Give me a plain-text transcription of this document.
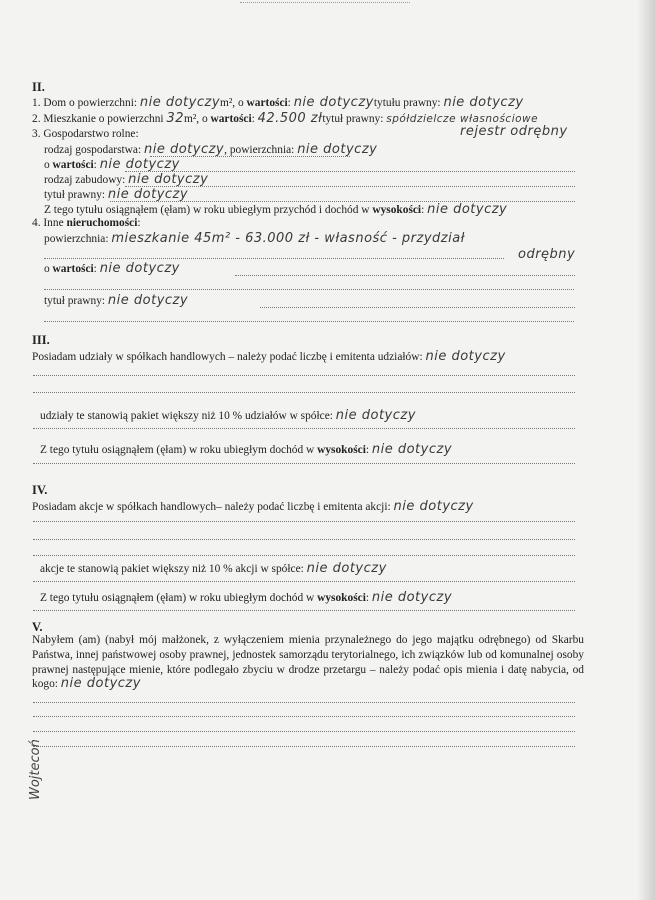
II.
1. Dom o powierzchni: nie dotyczym², o wartości: nie dotyczytytułu prawny: nie dotyczy
2. Mieszkanie o powierzchni 32m², o wartości: 42.500 złtytuł prawny: spółdzielcze własnościowe
rejestr odrębny
3. Gospodarstwo rolne:
rodzaj gospodarstwa: nie dotyczy, powierzchnia: nie dotyczy
o wartości: nie dotyczy
rodzaj zabudowy: nie dotyczy
tytuł prawny: nie dotyczy
Z tego tytułu osiągnąłem (ęłam) w roku ubiegłym przychód i dochód w wysokości: nie dotyczy
4. Inne nieruchomości:
powierzchnia: mieszkanie 45m² - 63.000 zł - własność - przydział
odrębny
o wartości: nie dotyczy
tytuł prawny: nie dotyczy
III.
Posiadam udziały w spółkach handlowych – należy podać liczbę i emitenta udziałów: nie dotyczy
udziały te stanowią pakiet większy niż 10 % udziałów w spółce: nie dotyczy
Z tego tytułu osiągnąłem (ęłam) w roku ubiegłym dochód w wysokości: nie dotyczy
IV.
Posiadam akcje w spółkach handlowych– należy podać liczbę i emitenta akcji: nie dotyczy
akcje te stanowią pakiet większy niż 10 % akcji w spółce: nie dotyczy
Z tego tytułu osiągnąłem (ęłam) w roku ubiegłym dochód w wysokości: nie dotyczy
V.
Nabyłem (am) (nabył mój małżonek, z wyłączeniem mienia przynależnego do jego majątku odrębnego) od Skarbu Państwa, innej państwowej osoby prawnej, jednostek samorządu terytorialnego, ich związków lub od komunalnej osoby prawnej następujące mienie, które podlegało zbyciu w drodze przetargu – należy podać opis mienia i datę nabycia, od kogo: nie dotyczy
Wojtecoń
